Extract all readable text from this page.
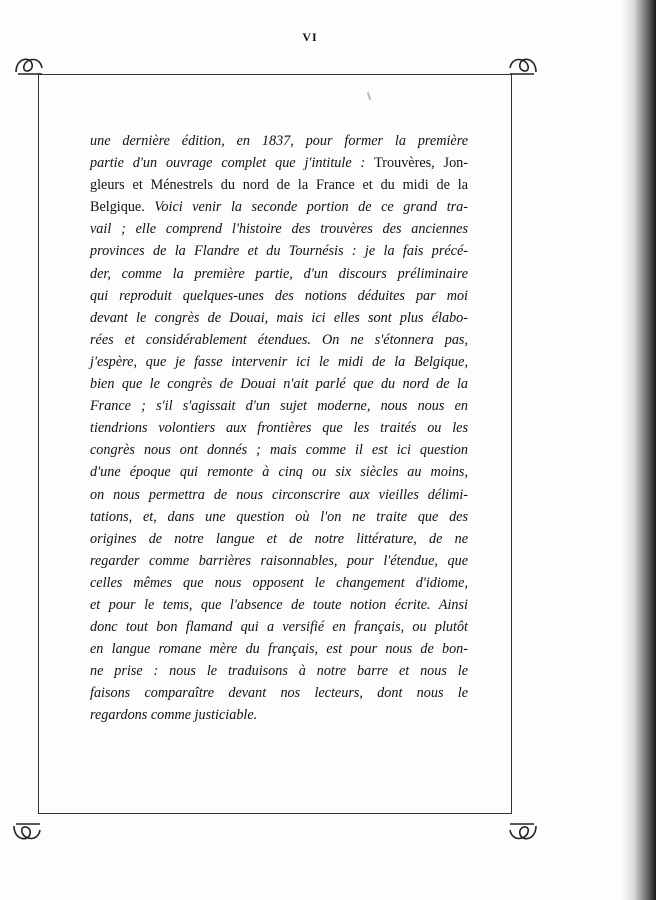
VI
une dernière édition, en 1837, pour former la première
partie d'un ouvrage complet que j'intitule : Trouvères, Jon-
gleurs et Ménestrels du nord de la France et du midi de la
Belgique. Voici venir la seconde portion de ce grand tra-
vail ; elle comprend l'histoire des trouvères des anciennes
provinces de la Flandre et du Tournésis : je la fais précé-
der, comme la première partie, d'un discours préliminaire
qui reproduit quelques-unes des notions déduites par moi
devant le congrès de Douai, mais ici elles sont plus élabo-
rées et considérablement étendues. On ne s'étonnera pas,
j'espère, que je fasse intervenir ici le midi de la Belgique,
bien que le congrès de Douai n'ait parlé que du nord de la
France ; s'il s'agissait d'un sujet moderne, nous nous en
tiendrions volontiers aux frontières que les traités ou les
congrès nous ont donnés ; mais comme il est ici question
d'une époque qui remonte à cinq ou six siècles au moins,
on nous permettra de nous circonscrire aux vieilles délimi-
tations, et, dans une question où l'on ne traite que des
origines de notre langue et de notre littérature, de ne
regarder comme barrières raisonnables, pour l'étendue, que
celles mêmes que nous opposent le changement d'idiome,
et pour le tems, que l'absence de toute notion écrite. Ainsi
donc tout bon flamand qui a versifié en français, ou plutôt
en langue romane mère du français, est pour nous de bon-
ne prise : nous le traduisons à notre barre et nous le
faisons comparaître devant nos lecteurs, dont nous le
regardons comme justiciable.
